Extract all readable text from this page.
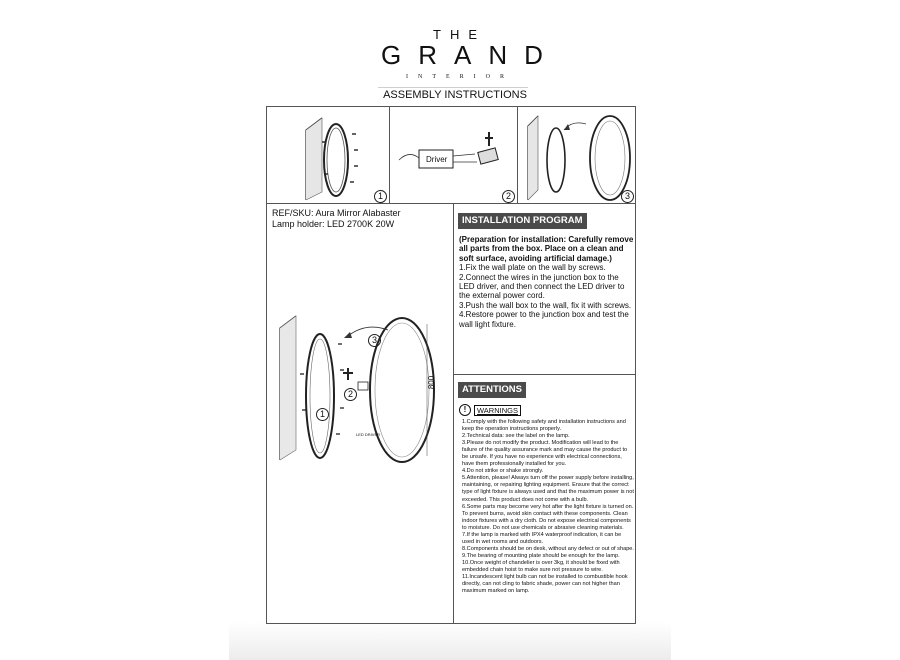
THE
GRAND
INTERIOR
ASSEMBLY INSTRUCTIONS
1
Driver
2	3
REF/SKU: Aura Mirror Alabaster
Lamp holder: LED 2700K 20W
1
2
3
800
LED DRIVER
INSTALLATION PROGRAM
(Preparation for installation: Carefully remove all parts from the box. Place on a clean and soft surface, avoiding artificial damage.)
1.Fix the wall plate on the wall by screws.
2.Connect the wires in the junction box to the LED driver, and then connect the LED driver to the external power cord.
3.Push the wall box to the wall, fix it with screws.
4.Restore power to the junction box and test the wall light fixture.
ATTENTIONS
!	WARNINGS
1.Comply with the following safety and installation instructions and keep the operation instructions properly.
2.Technical data: see the label on the lamp.
3.Please do not modify the product. Modification will lead to the failure of the quality assurance mark and may cause the product to be unsafe. If you have no experience with electrical connections, have them professionally installed for you.
4.Do not strike or shake strongly.
5.Attention, please! Always turn off the power supply before installing, maintaining, or repairing lighting equipment. Ensure that the correct type of light fixture is always used and that the maximum power is not exceeded. This product does not come with a bulb.
6.Some parts may become very hot after the light fixture is turned on. To prevent burns, avoid skin contact with these components. Clean indoor fixtures with a dry cloth. Do not expose electrical components to moisture. Do not use chemicals or abrasive cleaning materials.
7.If the lamp is marked with IPX4 waterproof indication, it can be used in wet rooms and outdoors.
8.Components should be on desk, without any defect or out of shape.
9.The bearing of mounting plate should be enough for the lamp.
10.Once weight of chandelier is over 3kg, it should be fixed with embedded chain hoist to make sure not pressure to wire.
11.Incandescent light bulb can not be installed to combustible hook directly, can not cling to fabric shade, power can not higher than maximum marked on lamp.
